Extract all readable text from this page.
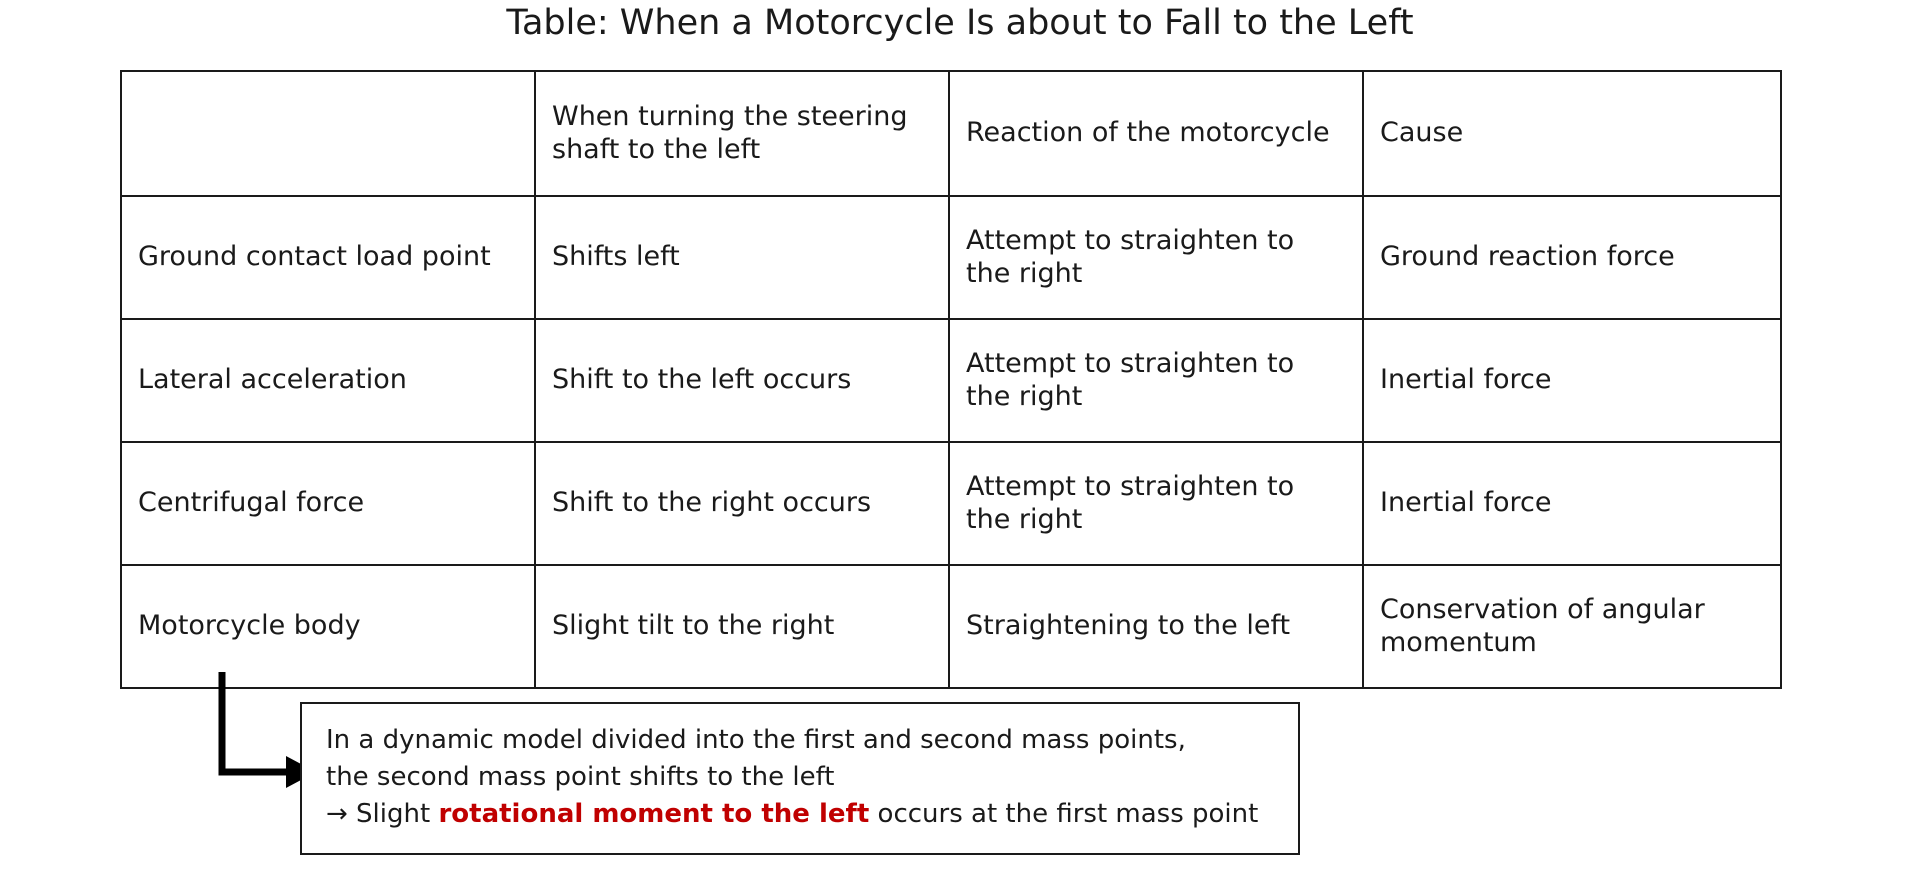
Table: When a Motorcycle Is about to Fall to the Left
	When turning the steering shaft to the left	Reaction of the motorcycle	Cause
Ground contact load point	Shifts left	Attempt to straighten to the right	Ground reaction force
Lateral acceleration	Shift to the left occurs	Attempt to straighten to the right	Inertial force
Centrifugal force	Shift to the right occurs	Attempt to straighten to the right	Inertial force
Motorcycle body	Slight tilt to the right	Straightening to the left	Conservation of angular momentum
In a dynamic model divided into the first and second mass points,
the second mass point shifts to the left
→ Slight rotational moment to the left occurs at the first mass point
